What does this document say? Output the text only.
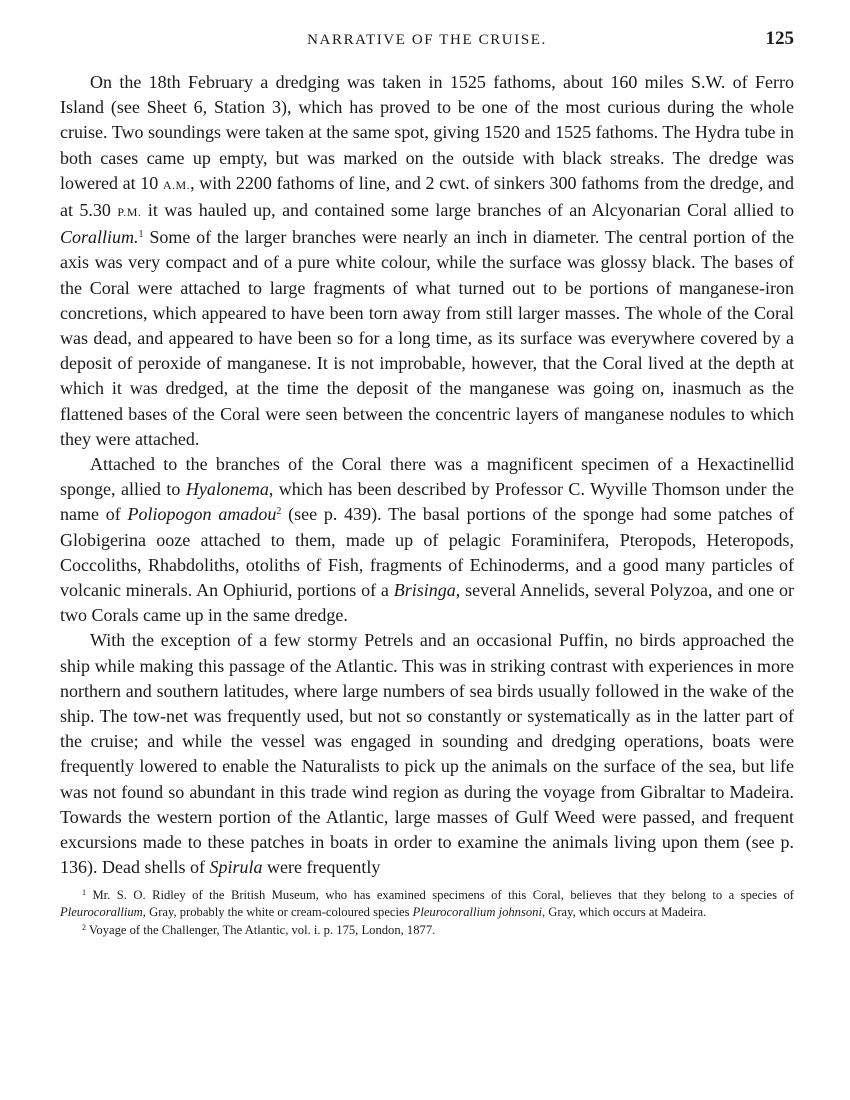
NARRATIVE OF THE CRUISE.	125

On the 18th February a dredging was taken in 1525 fathoms, about 160 miles S.W. of Ferro Island (see Sheet 6, Station 3), which has proved to be one of the most curious during the whole cruise. Two soundings were taken at the same spot, giving 1520 and 1525 fathoms. The Hydra tube in both cases came up empty, but was marked on the outside with black streaks. The dredge was lowered at 10 A.M., with 2200 fathoms of line, and 2 cwt. of sinkers 300 fathoms from the dredge, and at 5.30 P.M. it was hauled up, and contained some large branches of an Alcyonarian Coral allied to Corallium.$^1$ Some of the larger branches were nearly an inch in diameter. The central portion of the axis was very compact and of a pure white colour, while the surface was glossy black. The bases of the Coral were attached to large fragments of what turned out to be portions of manganese-iron concretions, which appeared to have been torn away from still larger masses. The whole of the Coral was dead, and appeared to have been so for a long time, as its surface was everywhere covered by a deposit of peroxide of manganese. It is not improbable, however, that the Coral lived at the depth at which it was dredged, at the time the deposit of the manganese was going on, inasmuch as the flattened bases of the Coral were seen between the concentric layers of manganese nodules to which they were attached.

Attached to the branches of the Coral there was a magnificent specimen of a Hexactinellid sponge, allied to Hyalonema, which has been described by Professor C. Wyville Thomson under the name of Poliopogon amadou$^2$ (see p. 439). The basal portions of the sponge had some patches of Globigerina ooze attached to them, made up of pelagic Foraminifera, Pteropods, Heteropods, Coccoliths, Rhabdoliths, otoliths of Fish, fragments of Echinoderms, and a good many particles of volcanic minerals. An Ophiurid, portions of a Brisinga, several Annelids, several Polyzoa, and one or two Corals came up in the same dredge.

With the exception of a few stormy Petrels and an occasional Puffin, no birds approached the ship while making this passage of the Atlantic. This was in striking contrast with experiences in more northern and southern latitudes, where large numbers of sea birds usually followed in the wake of the ship. The tow-net was frequently used, but not so constantly or systematically as in the latter part of the cruise; and while the vessel was engaged in sounding and dredging operations, boats were frequently lowered to enable the Naturalists to pick up the animals on the surface of the sea, but life was not found so abundant in this trade wind region as during the voyage from Gibraltar to Madeira. Towards the western portion of the Atlantic, large masses of Gulf Weed were passed, and frequent excursions made to these patches in boats in order to examine the animals living upon them (see p. 136). Dead shells of Spirula were frequently

$^1$ Mr. S. O. Ridley of the British Museum, who has examined specimens of this Coral, believes that they belong to a species of Pleurocorallium, Gray, probably the white or cream-coloured species Pleurocorallium johnsoni, Gray, which occurs at Madeira.

$^2$ Voyage of the Challenger, The Atlantic, vol. i. p. 175, London, 1877.
